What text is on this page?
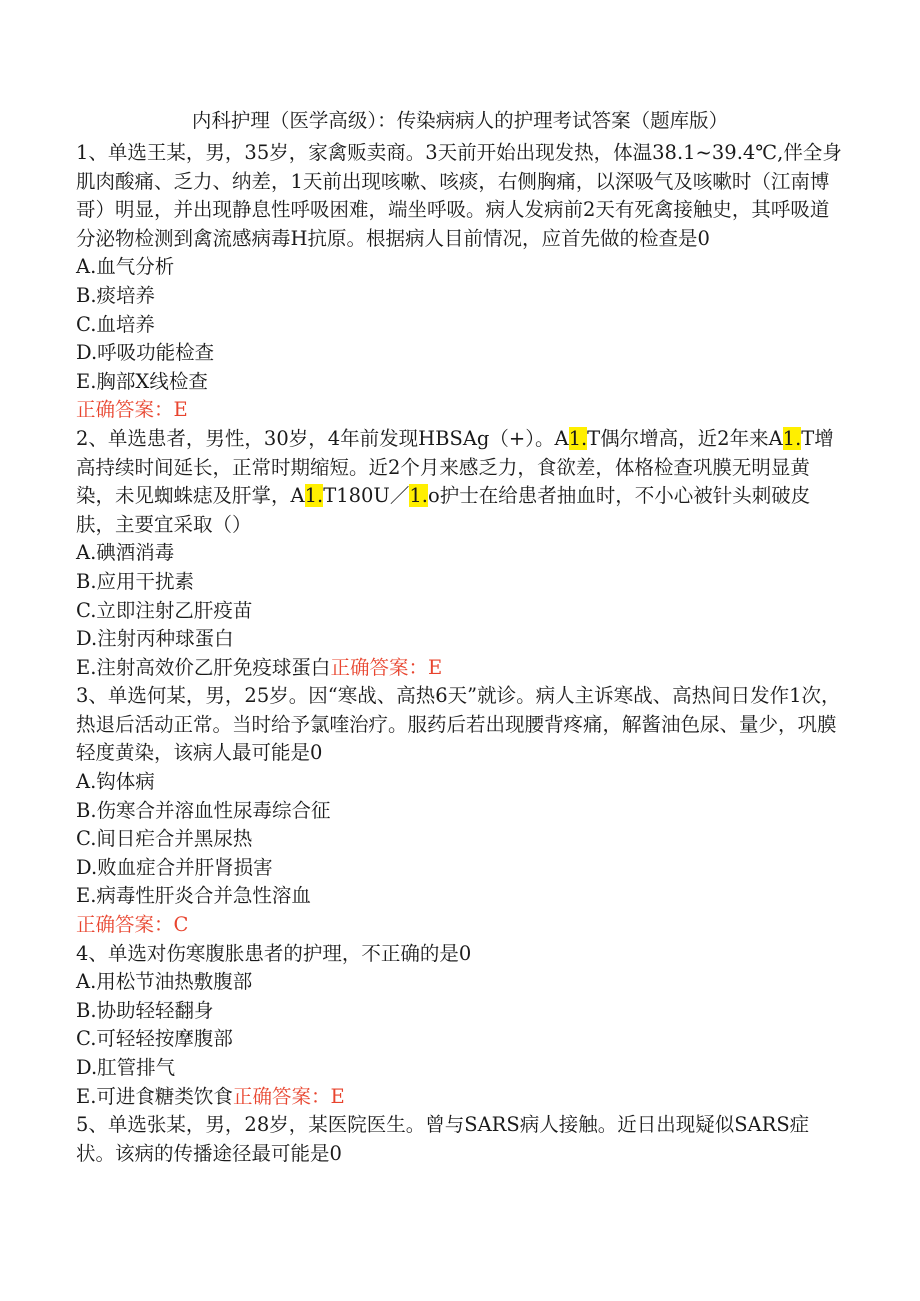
内科护理（医学高级）：传染病病人的护理考试答案（题库版）

1、单选王某，男，35岁，家禽贩卖商。3天前开始出现发热，体温38.1~39.4℃,伴全身肌肉酸痛、乏力、纳差，1天前出现咳嗽、咳痰，右侧胸痛，以深吸气及咳嗽时（江南博哥）明显，并出现静息性呼吸困难，端坐呼吸。病人发病前2天有死禽接触史，其呼吸道分泌物检测到禽流感病毒H抗原。根据病人目前情况，应首先做的检查是0

A.血气分析

B.痰培养

C.血培养

D.呼吸功能检查

E.胸部X线检查

正确答案：E

2、单选患者，男性，30岁，4年前发现HBSAg（+）。A1.T偶尔增高，近2年来A1.T增高持续时间延长，正常时期缩短。近2个月来感乏力，食欲差，体格检查巩膜无明显黄染，未见蜘蛛痣及肝掌，A1.T180U／1.o护士在给患者抽血时，不小心被针头刺破皮肤，主要宜采取（）

A.碘酒消毒

B.应用干扰素

C.立即注射乙肝疫苗

D.注射丙种球蛋白

E.注射高效价乙肝免疫球蛋白正确答案：E

3、单选何某，男，25岁。因“寒战、高热6天”就诊。病人主诉寒战、高热间日发作1次，热退后活动正常。当时给予氯喹治疗。服药后若出现腰背疼痛，解酱油色尿、量少，巩膜轻度黄染，该病人最可能是0

A.钩体病

B.伤寒合并溶血性尿毒综合征

C.间日疟合并黑尿热

D.败血症合并肝肾损害

E.病毒性肝炎合并急性溶血

正确答案：C

4、单选对伤寒腹胀患者的护理，不正确的是0

A.用松节油热敷腹部

B.协助轻轻翻身

C.可轻轻按摩腹部

D.肛管排气

E.可进食糖类饮食正确答案：E

5、单选张某，男，28岁，某医院医生。曾与SARS病人接触。近日出现疑似SARS症状。该病的传播途径最可能是0
